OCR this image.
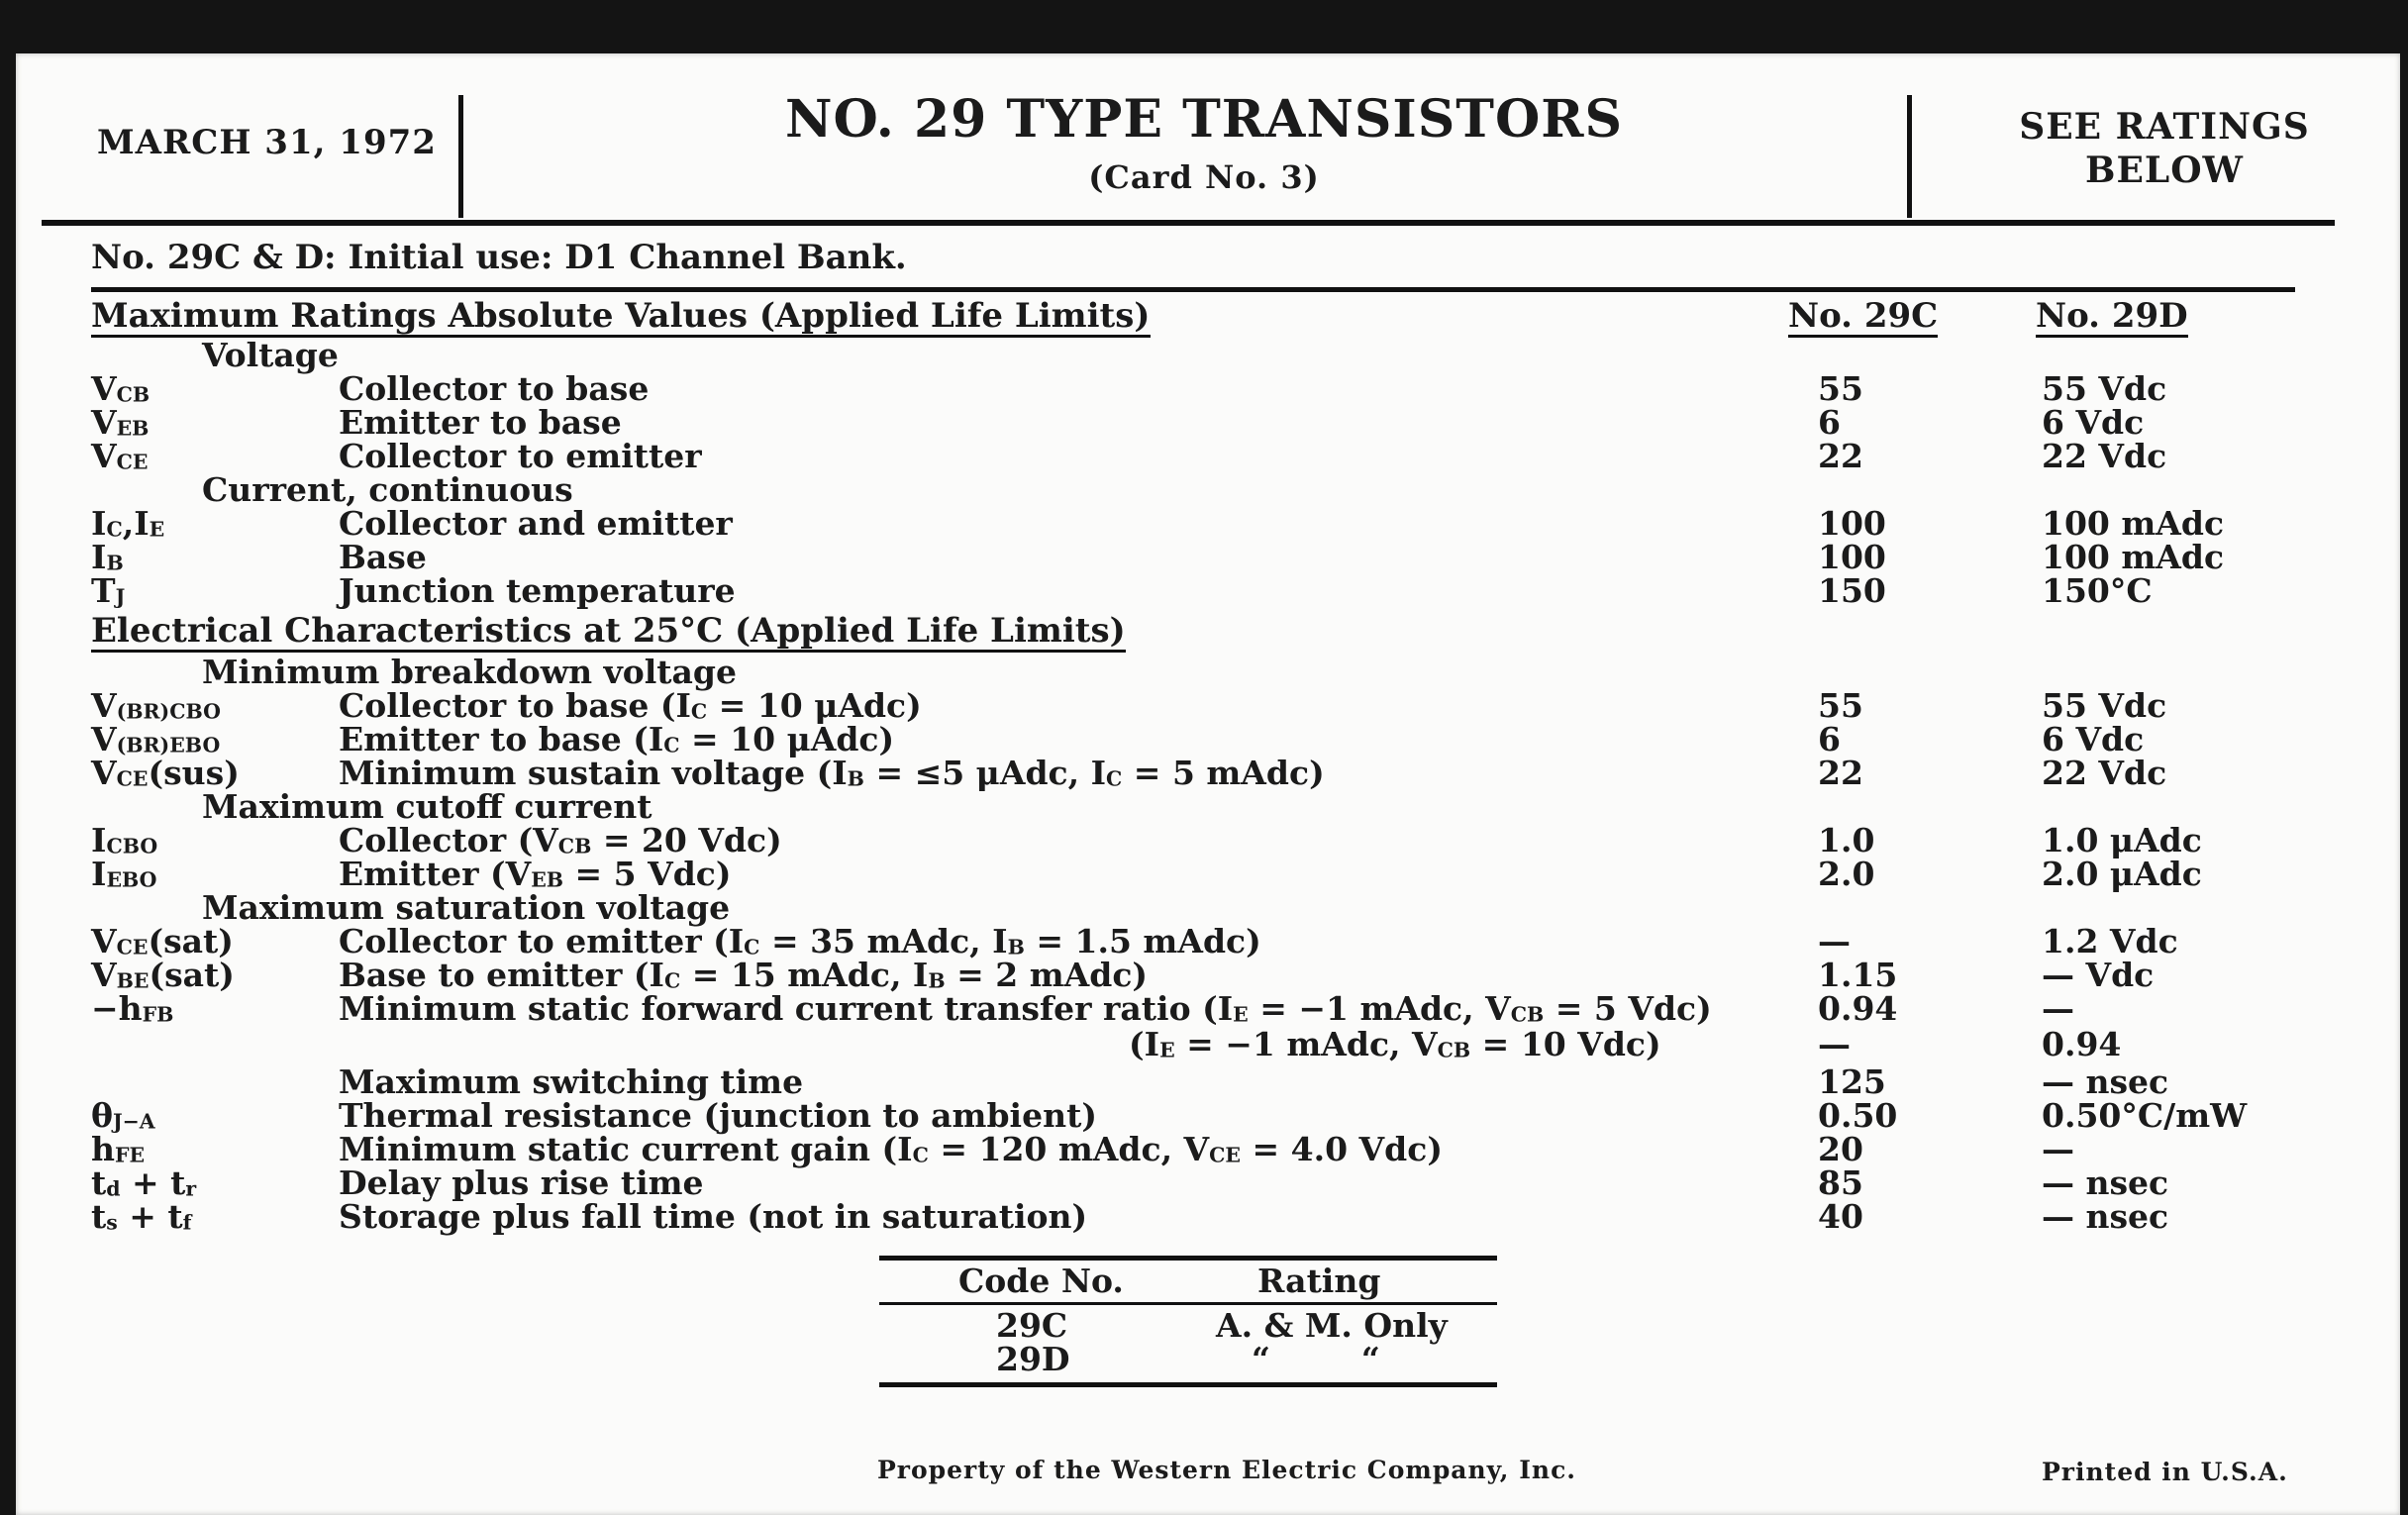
MARCH 31, 1972	NO. 29 TYPE TRANSISTORS
(Card No. 3)
SEE RATINGS
BELOW
No. 29C & D: Initial use: D1 Channel Bank.
Maximum Ratings Absolute Values (Applied Life Limits)	No. 29C	No. 29D
Voltage
VCB	Collector to base	55	55 Vdc
VEB	Emitter to base	6	6 Vdc
VCE	Collector to emitter	22	22 Vdc
Current, continuous
IC,IE	Collector and emitter	100	100 mAdc
IB	Base	100	100 mAdc
TJ	Junction temperature	150	150°C
Electrical Characteristics at 25°C (Applied Life Limits)
Minimum breakdown voltage
V(BR)CBO	Collector to base (IC = 10 μAdc)	55	55 Vdc
V(BR)EBO	Emitter to base (IC = 10 μAdc)	6	6 Vdc
VCE(sus)	Minimum sustain voltage (IB = ≤5 μAdc, IC = 5 mAdc)	22	22 Vdc
Maximum cutoff current
ICBO	Collector (VCB = 20 Vdc)	1.0	1.0 μAdc
IEBO	Emitter (VEB = 5 Vdc)	2.0	2.0 μAdc
Maximum saturation voltage
VCE(sat)	Collector to emitter (IC = 35 mAdc, IB = 1.5 mAdc)	—	1.2 Vdc
VBE(sat)	Base to emitter (IC = 15 mAdc, IB = 2 mAdc)	1.15	— Vdc
−hFB	Minimum static forward current transfer ratio (IE = −1 mAdc, VCB = 5 Vdc)	0.94	—
(IE = −1 mAdc, VCB = 10 Vdc)	—	0.94
Maximum switching time	125	— nsec
θJ−A	Thermal resistance (junction to ambient)	0.50	0.50°C/mW
hFE	Minimum static current gain (IC = 120 mAdc, VCE = 4.0 Vdc)	20	—
td + tr	Delay plus rise time	85	— nsec
ts + tf	Storage plus fall time (not in saturation)	40	— nsec
Code No.	Rating
29C	A. & M. Only
29D	“        “
Property of the Western Electric Company, Inc.	Printed in U.S.A.
